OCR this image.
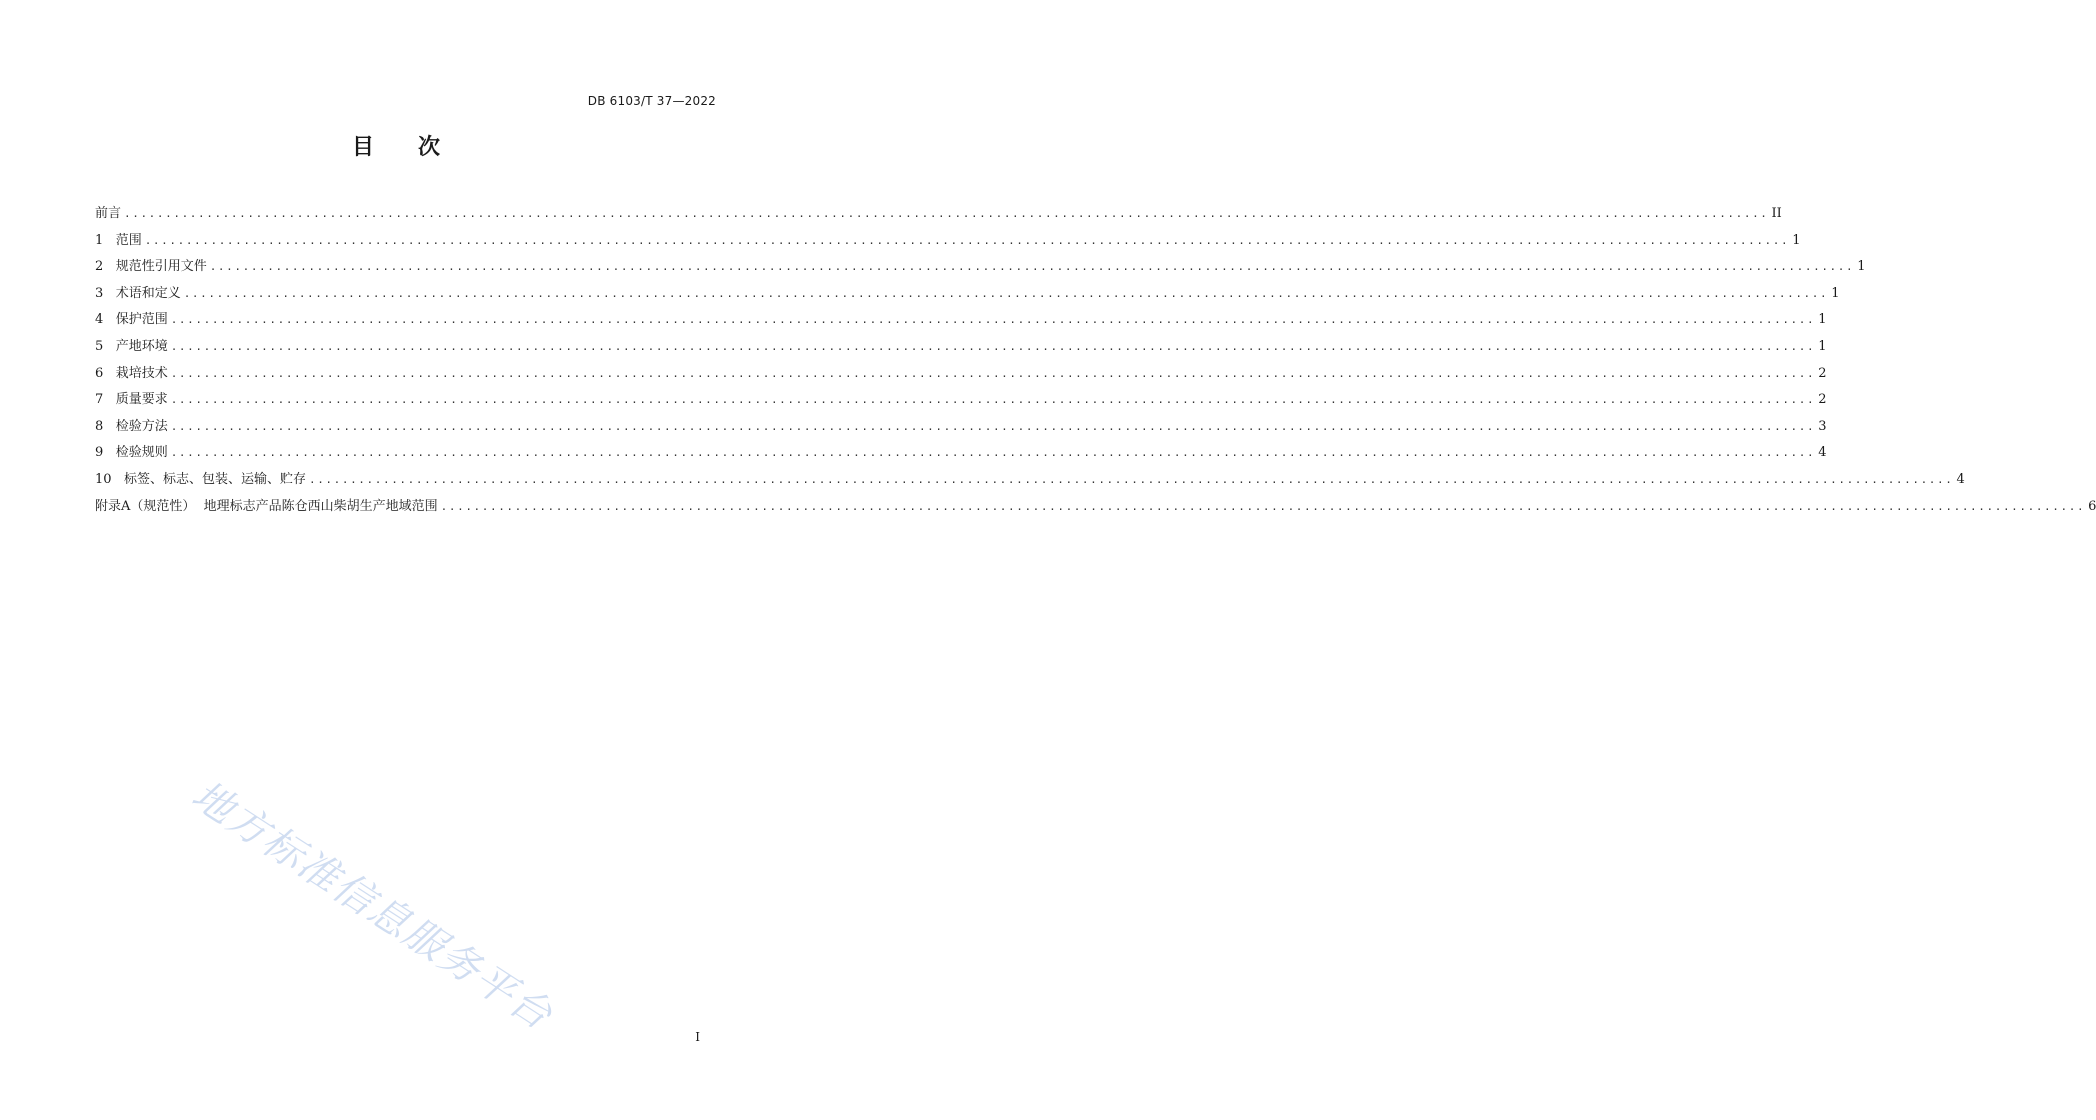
DB 6103/T 37—2022
目 次
前言 ........................................................................................................................................................................................................ II
1
范围 ........................................................................................................................................................................................................ 1
2
规范性引用文件 ........................................................................................................................................................................................................ 1
3
术语和定义 ........................................................................................................................................................................................................ 1
4
保护范围 ........................................................................................................................................................................................................ 1
5
产地环境 ........................................................................................................................................................................................................ 1
6
栽培技术 ........................................................................................................................................................................................................ 2
7
质量要求 ........................................................................................................................................................................................................ 2
8
检验方法 ........................................................................................................................................................................................................ 3
9
检验规则 ........................................................................................................................................................................................................ 4
10
标签、标志、包装、运输、贮存 ........................................................................................................................................................................................................ 4
附录A（规范性）  地理标志产品陈仓西山柴胡生产地域范围 ........................................................................................................................................................................................................ 6
地方标准信息服务平台	I
